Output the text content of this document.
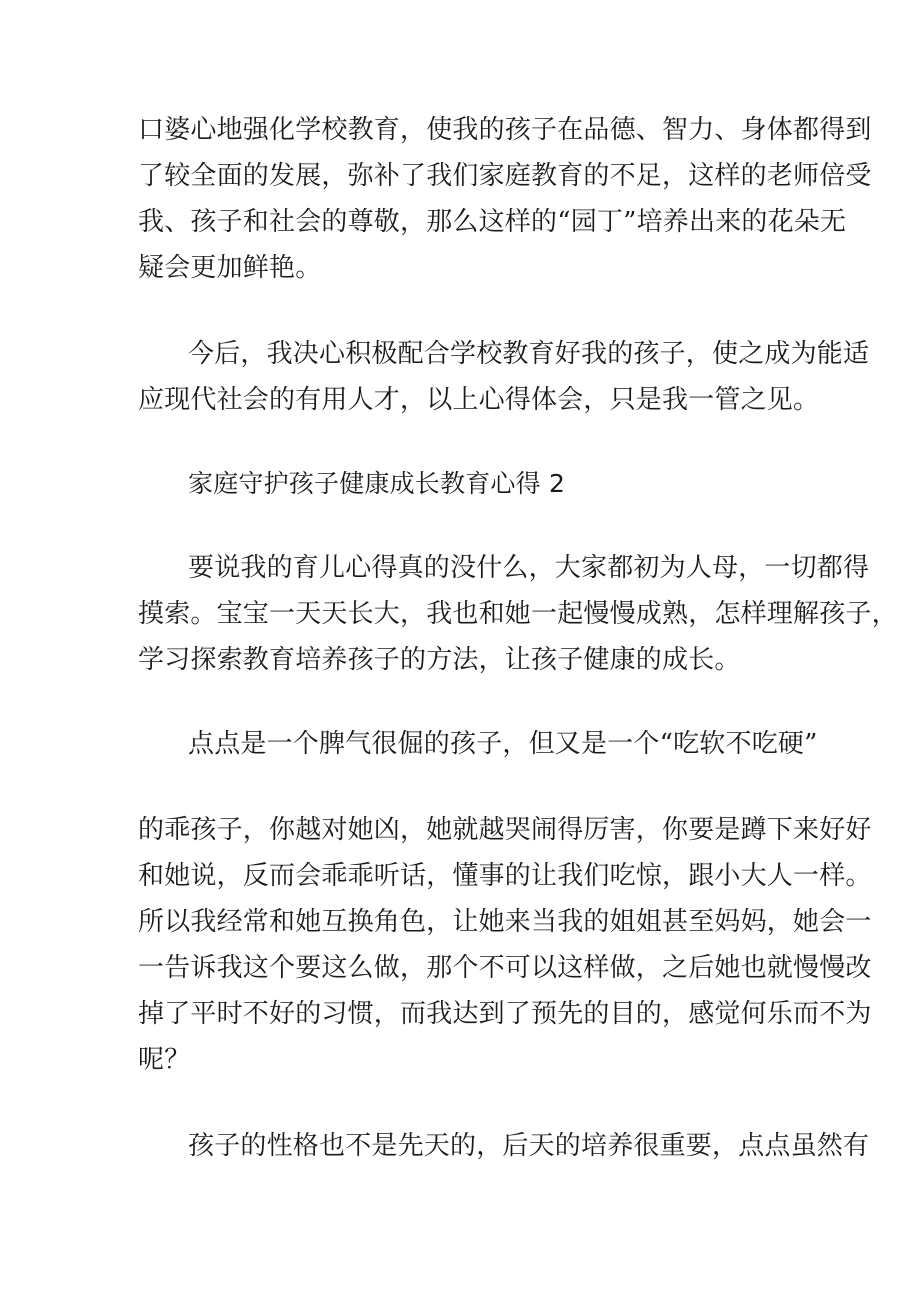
口婆心地强化学校教育，使我的孩子在品德、智力、身体都得到
了较全面的发展，弥补了我们家庭教育的不足，这样的老师倍受
我、孩子和社会的尊敬，那么这样的“园丁”培养出来的花朵无
疑会更加鲜艳。
今后，我决心积极配合学校教育好我的孩子，使之成为能适
应现代社会的有用人才，以上心得体会，只是我一管之见。
家庭守护孩子健康成长教育心得 2
要说我的育儿心得真的没什么，大家都初为人母，一切都得
摸索。宝宝一天天长大，我也和她一起慢慢成熟，怎样理解孩子，
学习探索教育培养孩子的方法，让孩子健康的成长。
点点是一个脾气很倔的孩子，但又是一个“吃软不吃硬”
的乖孩子，你越对她凶，她就越哭闹得厉害，你要是蹲下来好好
和她说，反而会乖乖听话，懂事的让我们吃惊，跟小大人一样。
所以我经常和她互换角色，让她来当我的姐姐甚至妈妈，她会一
一告诉我这个要这么做，那个不可以这样做，之后她也就慢慢改
掉了平时不好的习惯，而我达到了预先的目的，感觉何乐而不为
呢？
孩子的性格也不是先天的，后天的培养很重要，点点虽然有
